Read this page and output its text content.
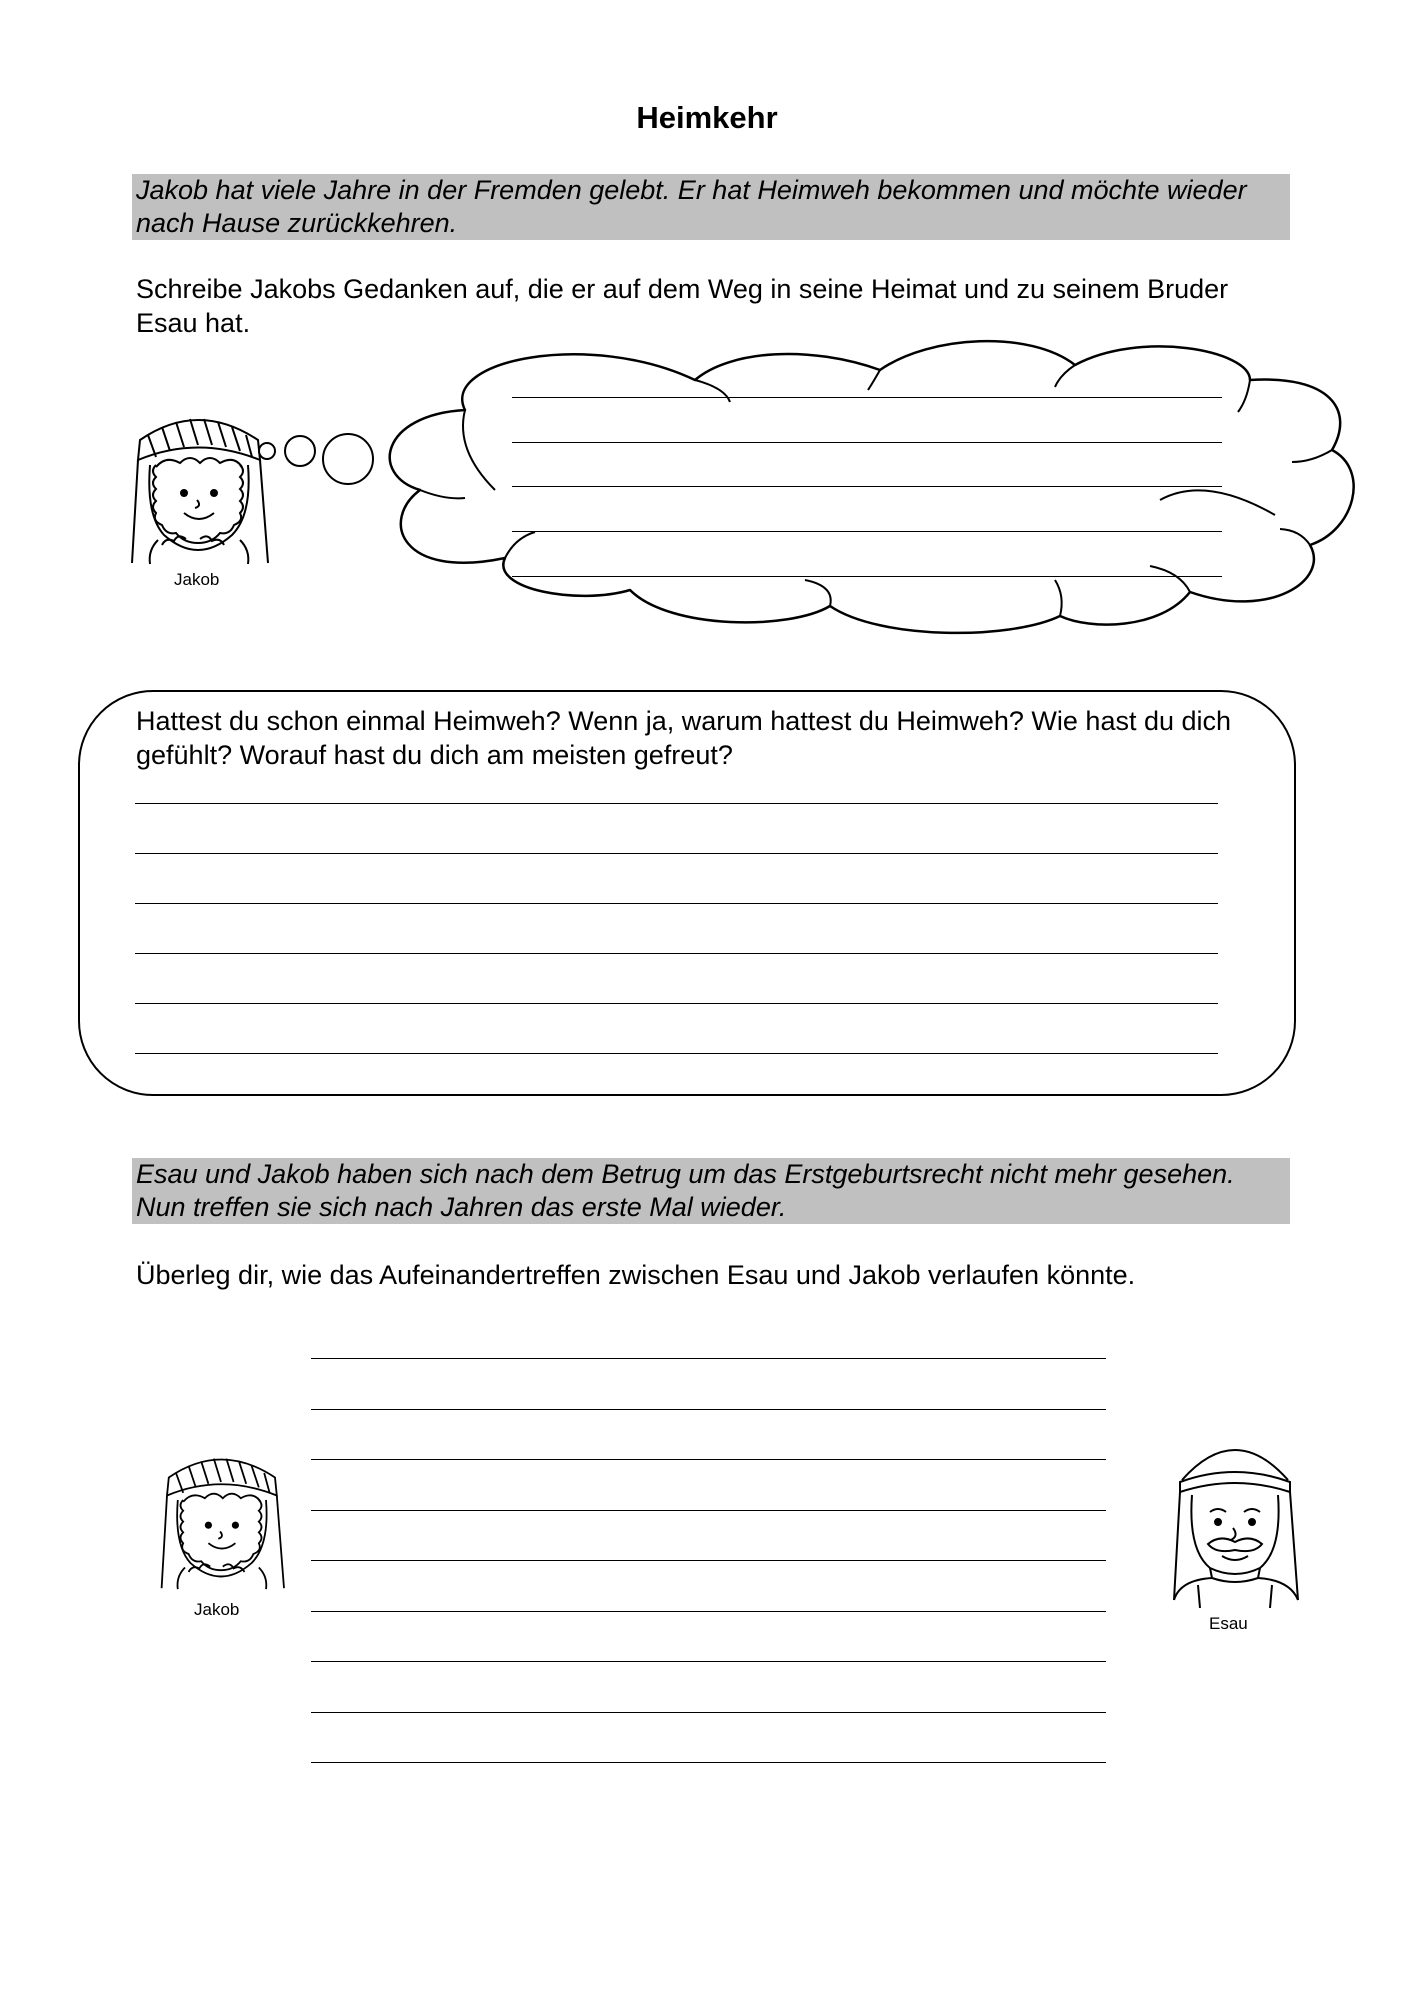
Heimkehr
Jakob hat viele Jahre in der Fremden gelebt. Er hat Heimweh bekommen und möchte wieder nach Hause zurückkehren.
Schreibe Jakobs Gedanken auf, die er auf dem Weg in seine Heimat und zu seinem Bruder Esau hat.
Jakob
Hattest du schon einmal Heimweh? Wenn ja, warum hattest du Heimweh? Wie hast du dich gefühlt? Worauf hast du dich am meisten gefreut?
Esau und Jakob haben sich nach dem Betrug um das Erstgeburtsrecht nicht mehr gesehen. Nun treffen sie sich nach Jahren das erste Mal wieder.
Überleg dir, wie das Aufeinandertreffen zwischen Esau und Jakob verlaufen könnte.
Jakob
Esau
